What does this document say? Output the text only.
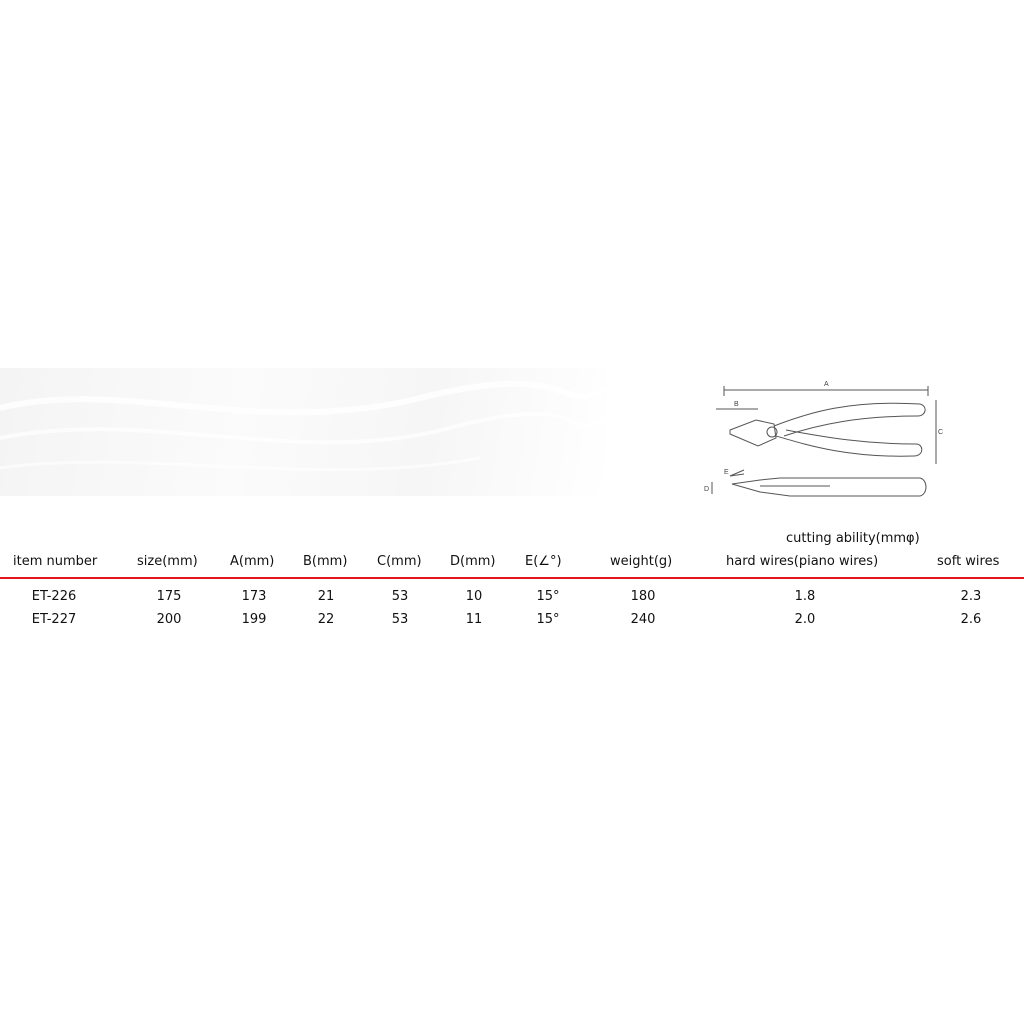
A
B
C
D
E
cutting ability(mmφ)
item number	size(mm) A(mm) B(mm) C(mm) D(mm) E(∠°)	weight(g)	hard wires(piano wires)	soft wires
ET-226	175	173	21	53	10	15°	180	1.8	2.3
ET-227	200	199	22	53	11	15°	240	2.0	2.6
